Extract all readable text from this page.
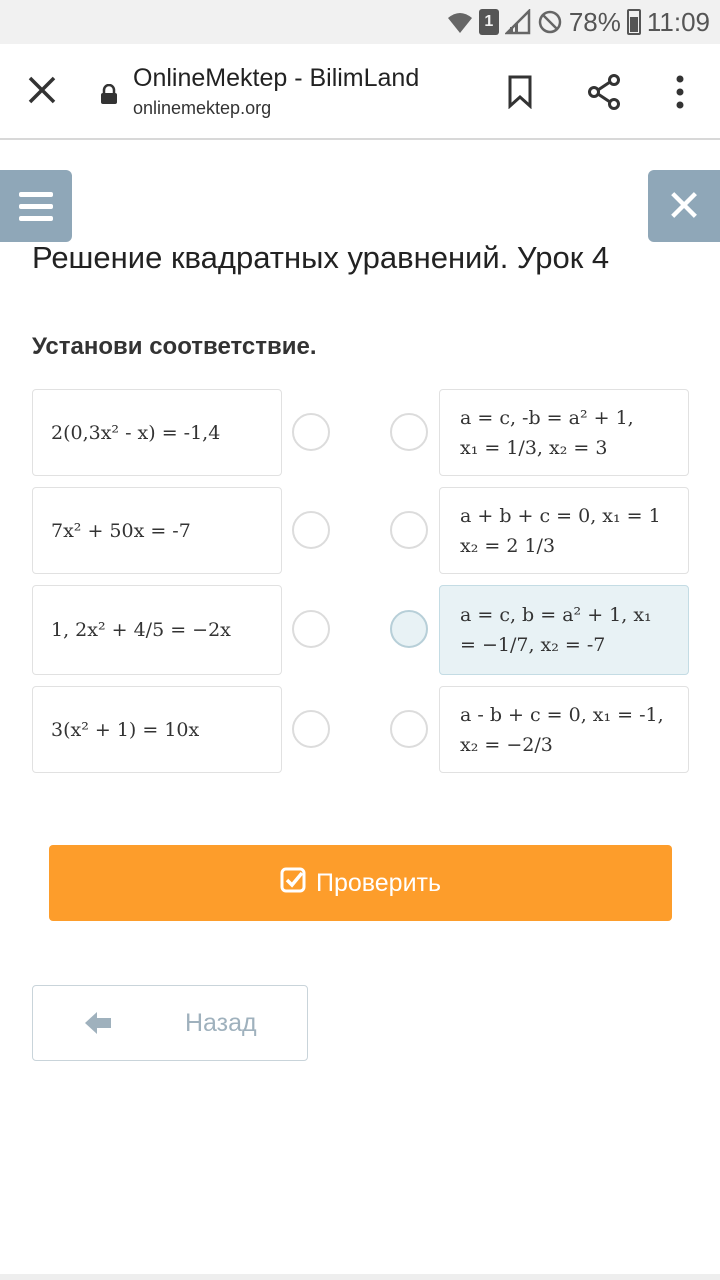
1	78% 11:09
OnlineMektep - BilimLand
onlinemektep.org
✕
Решение квадратных уравнений. Урок 4
Установи соответствие.
2(0,3x² - x) = -1,4
7x² + 50x = -7
1, 2x² + 4/5 = −2x
3(x² + 1) = 10x
a = c, -b = a² + 1,
x₁ = 1/3, x₂ = 3
a + b + c = 0, x₁ = 1
x₂ = 2 1/3
a = c, b = a² + 1, x₁
= −1/7, x₂ = -7
a - b + c = 0, x₁ = -1,
x₂ = −2/3
Проверить
Назад
